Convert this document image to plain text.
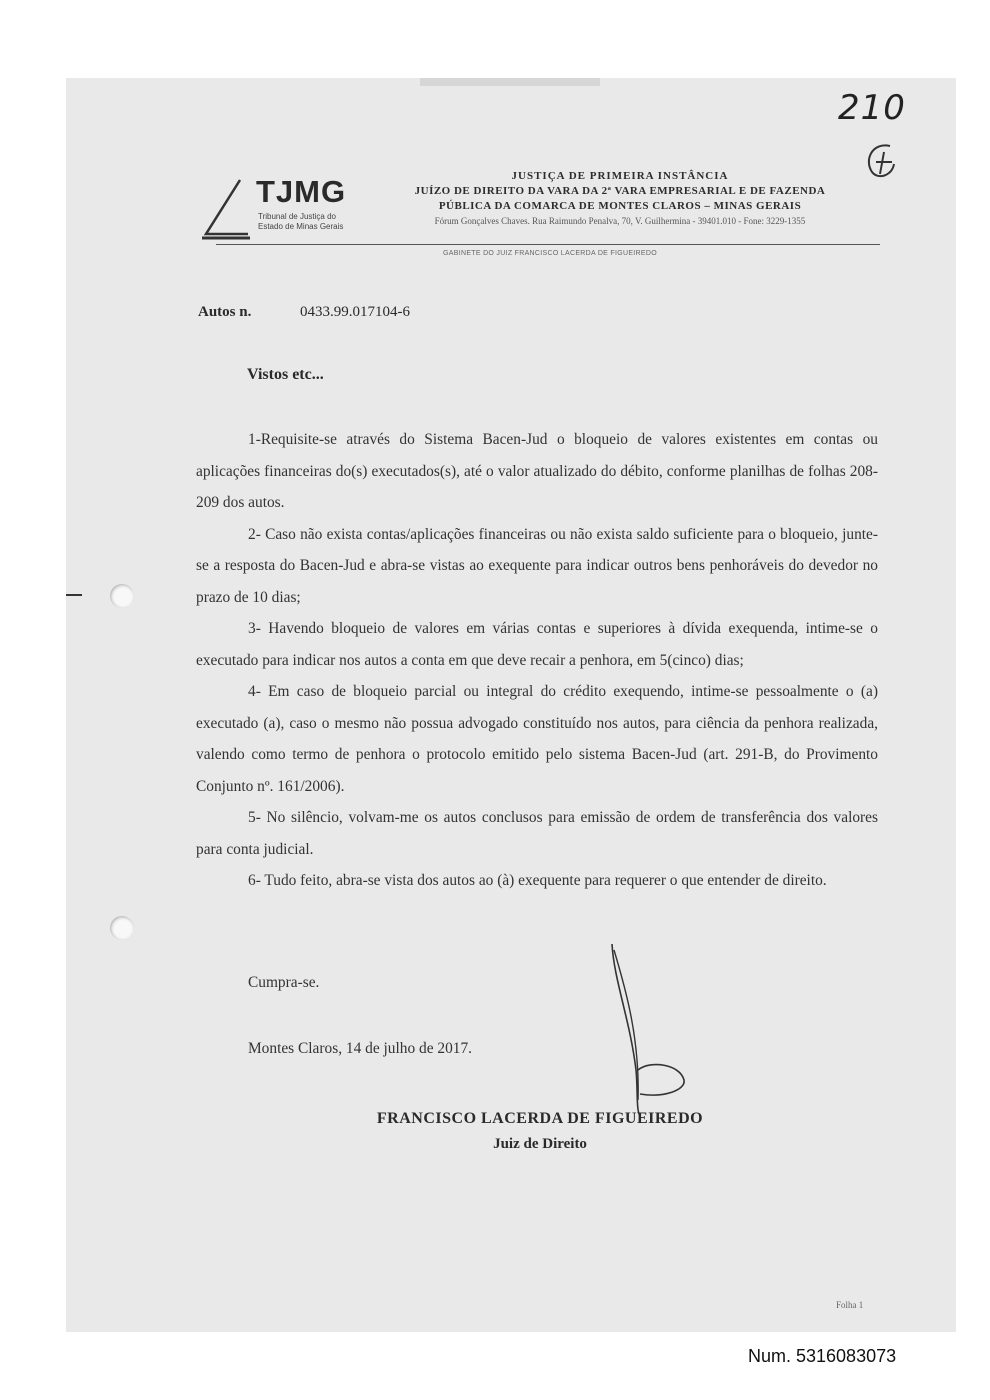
210
TJMG
Tribunal de Justiça do
Estado de Minas Gerais
JUSTIÇA DE PRIMEIRA INSTÂNCIA
JUÍZO DE DIREITO DA VARA DA 2ª VARA EMPRESARIAL E DE FAZENDA
PÚBLICA DA COMARCA DE MONTES CLAROS – MINAS GERAIS
Fórum Gonçalves Chaves. Rua Raimundo Penalva, 70, V. Guilhermina - 39401.010 - Fone: 3229-1355
GABINETE DO JUIZ FRANCISCO LACERDA DE FIGUEIREDO
Autos n.	0433.99.017104-6
Vistos etc...

1-Requisite-se através do Sistema Bacen-Jud o bloqueio de valores existentes em contas ou aplicações financeiras do(s) executados(s), até o valor atualizado do débito, conforme planilhas de folhas 208-209 dos autos.

2- Caso não exista contas/aplicações financeiras ou não exista saldo suficiente para o bloqueio, junte-se a resposta do Bacen-Jud e abra-se vistas ao exequente para indicar outros bens penhoráveis do devedor no prazo de 10 dias;

3- Havendo bloqueio de valores em várias contas e superiores à dívida exequenda, intime-se o executado para indicar nos autos a conta em que deve recair a penhora, em 5(cinco) dias;

4- Em caso de bloqueio parcial ou integral do crédito exequendo, intime-se pessoalmente o (a) executado (a), caso o mesmo não possua advogado constituído nos autos, para ciência da penhora realizada, valendo como termo de penhora o protocolo emitido pelo sistema Bacen-Jud (art. 291-B, do Provimento Conjunto nº. 161/2006).

5- No silêncio, volvam-me os autos conclusos para emissão de ordem de transferência dos valores para conta judicial.

6- Tudo feito, abra-se vista dos autos ao (à) exequente para requerer o que entender de direito.

Cumpra-se.
Montes Claros, 14 de julho de 2017.
FRANCISCO LACERDA DE FIGUEIREDO
Juiz de Direito
Folha 1
Num. 5316083073
